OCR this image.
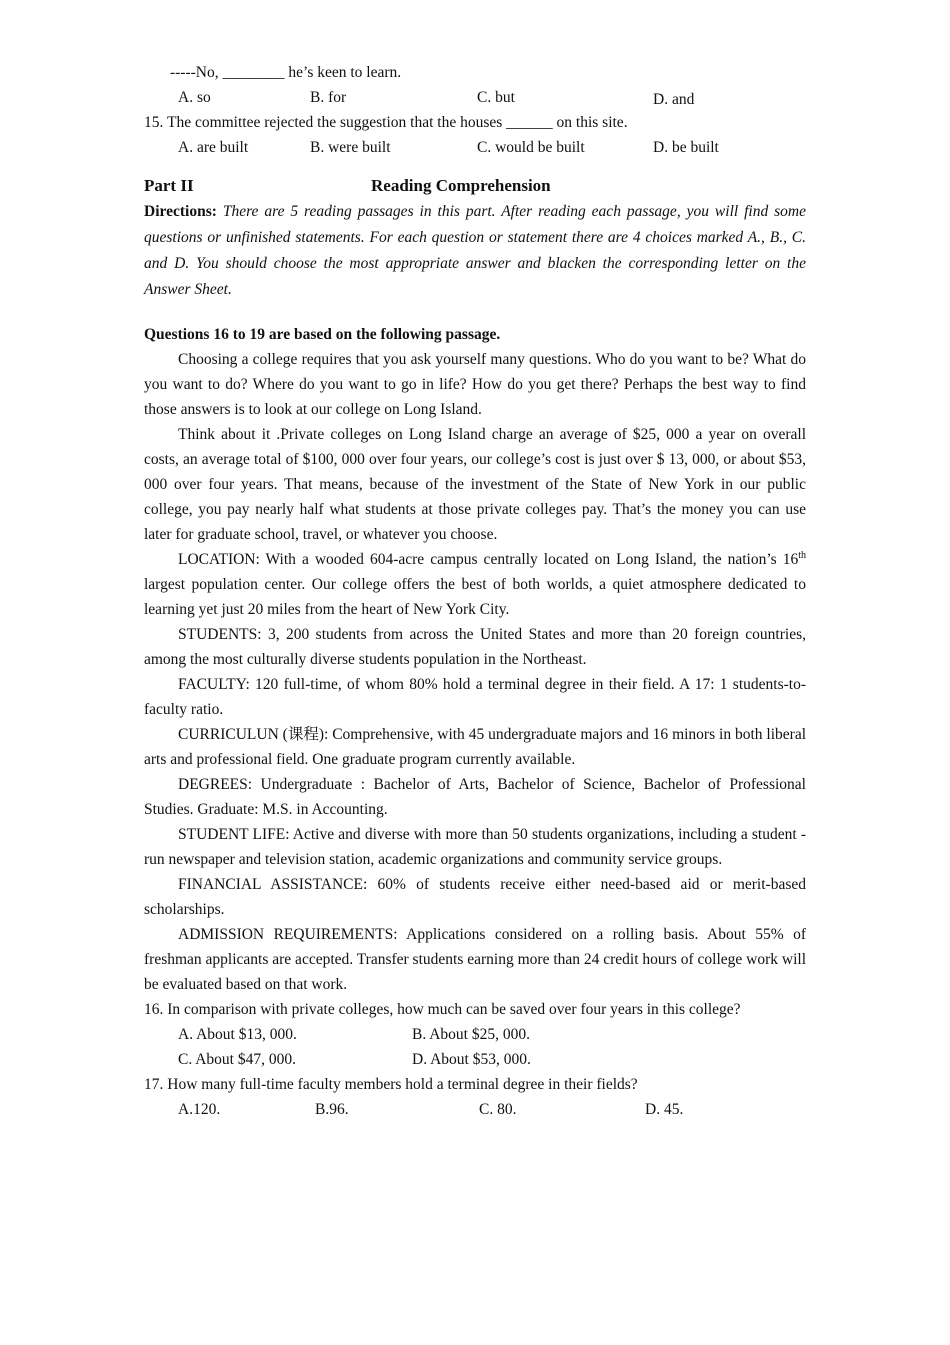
-----No, ________ he’s keen to learn.
A. so	B. for	C. but	D. and
15. The committee rejected the suggestion that the houses ______ on this site.
A. are built	B. were built	C. would be built	D. be built
Part II	Reading Comprehension
Directions: There are 5 reading passages in this part. After reading each passage, you will find some questions or unfinished statements. For each question or statement there are 4 choices marked A., B., C. and D. You should choose the most appropriate answer and blacken the corresponding letter on the Answer Sheet.
Questions 16 to 19 are based on the following passage.
Choosing a college requires that you ask yourself many questions. Who do you want to be? What do you want to do? Where do you want to go in life? How do you get there? Perhaps the best way to find those answers is to look at our college on Long Island.
Think about it .Private colleges on Long Island charge an average of $25, 000 a year on overall costs, an average total of $100, 000 over four years, our college’s cost is just over $ 13, 000, or about $53, 000 over four years. That means, because of the investment of the State of New York in our public college, you pay nearly half what students at those private colleges pay. That’s the money you can use later for graduate school, travel, or whatever you choose.
LOCATION: With a wooded 604-acre campus centrally located on Long Island, the nation’s 16th largest population center. Our college offers the best of both worlds, a quiet atmosphere dedicated to learning yet just 20 miles from the heart of New York City.
STUDENTS: 3, 200 students from across the United States and more than 20 foreign countries, among the most culturally diverse students population in the Northeast.
FACULTY: 120 full-time, of whom 80% hold a terminal degree in their field. A 17: 1 students-to-faculty ratio.
CURRICULUN (课程): Comprehensive, with 45 undergraduate majors and 16 minors in both liberal arts and professional field. One graduate program currently available.
DEGREES: Undergraduate : Bachelor of Arts, Bachelor of Science, Bachelor of Professional Studies. Graduate: M.S. in Accounting.
STUDENT LIFE: Active and diverse with more than 50 students organizations, including a student -run newspaper and television station, academic organizations and community service groups.
FINANCIAL ASSISTANCE: 60% of students receive either need-based aid or merit-based scholarships.
ADMISSION REQUIREMENTS: Applications considered on a rolling basis. About 55% of freshman applicants are accepted. Transfer students earning more than 24 credit hours of college work will be evaluated based on that work.
16. In comparison with private colleges, how much can be saved over four years in this college?
A. About $13, 000.	B. About $25, 000.
C. About $47, 000.	D. About $53, 000.
17. How many full-time faculty members hold a terminal degree in their fields?
A.120.	B.96.	C. 80.	D. 45.
